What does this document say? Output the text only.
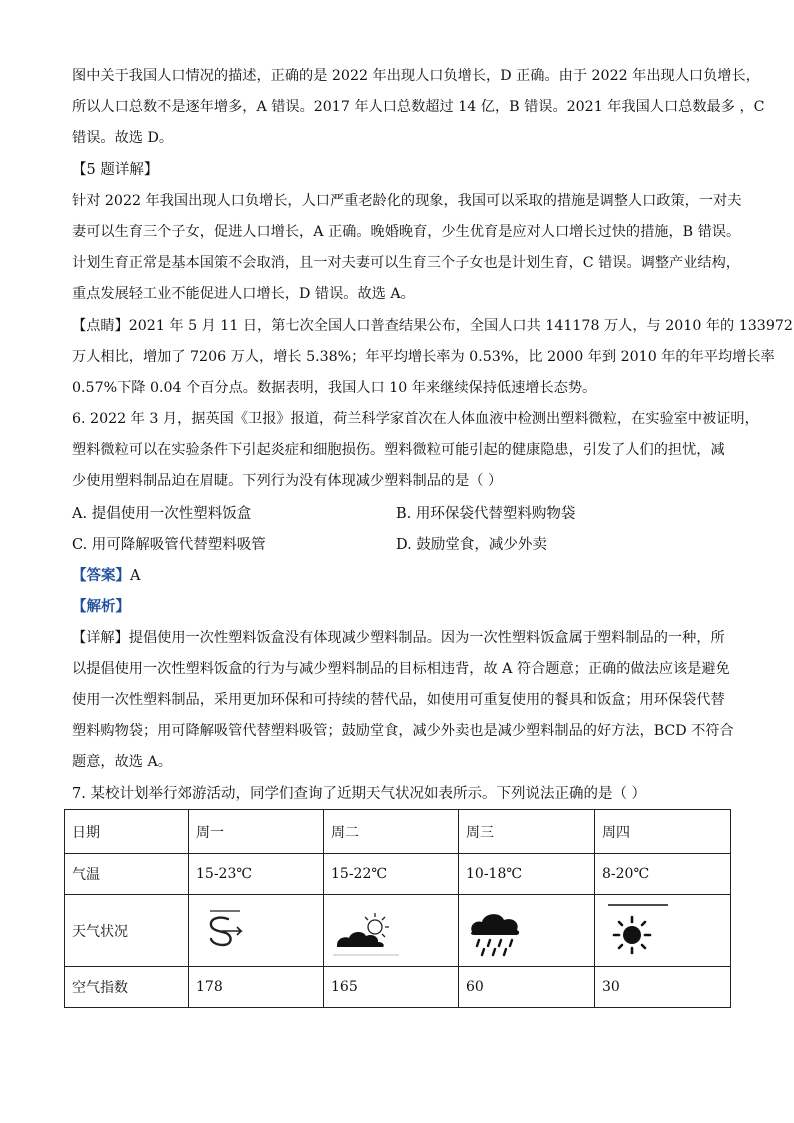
图中关于我国人口情况的描述，正确的是 2022 年出现人口负增长，D 正确。由于 2022 年出现人口负增长，
所以人口总数不是逐年增多，A 错误。2017 年人口总数超过 14 亿，B 错误。2021 年我国人口总数最多 ，C
错误。故选 D。

【5 题详解】

针对 2022 年我国出现人口负增长，人口严重老龄化的现象，我国可以采取的措施是调整人口政策，一对夫
妻可以生育三个子女，促进人口增长，A 正确。晚婚晚育，少生优育是应对人口增长过快的措施，B 错误。
计划生育正常是基本国策不会取消，且一对夫妻可以生育三个子女也是计划生育，C 错误。调整产业结构，
重点发展轻工业不能促进人口增长，D 错误。故选 A。

【点睛】2021 年 5 月 11 日，第七次全国人口普查结果公布，全国人口共 141178 万人，与 2010 年的 133972
万人相比，增加了 7206 万人，增长 5.38%；年平均增长率为 0.53%，比 2000 年到 2010 年的年平均增长率
0.57%下降 0.04 个百分点。数据表明，我国人口 10 年来继续保持低速增长态势。

6. 2022 年 3 月，据英国《卫报》报道，荷兰科学家首次在人体血液中检测出塑料微粒，在实验室中被证明，
塑料微粒可以在实验条件下引起炎症和细胞损伤。塑料微粒可能引起的健康隐患，引发了人们的担忧，减
少使用塑料制品迫在眉睫。下列行为没有体现减少塑料制品的是（ ）

A. 提倡使用一次性塑料饭盒	B. 用环保袋代替塑料购物袋
C. 用可降解吸管代替塑料吸管	D. 鼓励堂食，减少外卖

【答案】A

【解析】

【详解】提倡使用一次性塑料饭盒没有体现减少塑料制品。因为一次性塑料饭盒属于塑料制品的一种，所
以提倡使用一次性塑料饭盒的行为与减少塑料制品的目标相违背，故 A 符合题意；正确的做法应该是避免
使用一次性塑料制品，采用更加环保和可持续的替代品，如使用可重复使用的餐具和饭盒；用环保袋代替
塑料购物袋；用可降解吸管代替塑料吸管；鼓励堂食，减少外卖也是减少塑料制品的好方法，BCD 不符合
题意，故选 A。

7. 某校计划举行郊游活动，同学们查询了近期天气状况如表所示。下列说法正确的是（ ）

日期	周一	周二	周三	周四
气温	15-23℃	15-22℃	10-18℃	8-20℃
天气状况	

空气指数	178	165	60	30
